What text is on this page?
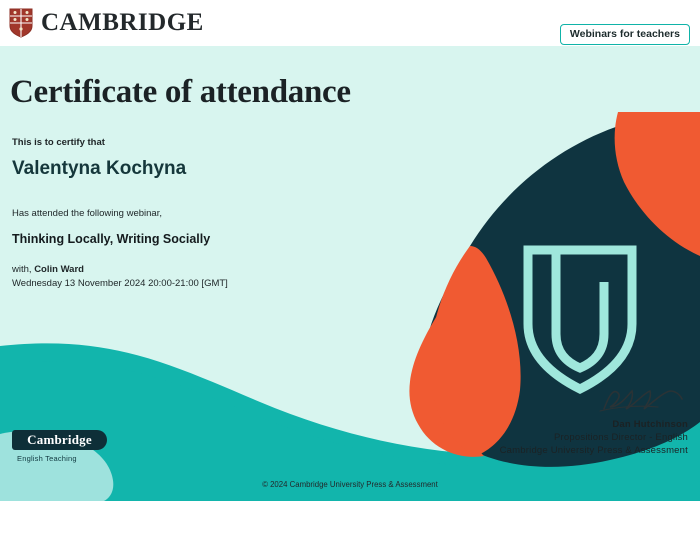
CAMBRIDGE	Webinars for teachers
Certificate of attendance

This is to certify that

Valentyna Kochyna

Has attended the following webinar,

Thinking Locally, Writing Socially

with, Colin Ward

Wednesday 13 November 2024 20:00-21:00 [GMT]

Dan Hutchinson
Propositions Director - English
Cambridge University Press & Assessment
Cambridge
English Teaching
© 2024 Cambridge University Press & Assessment
